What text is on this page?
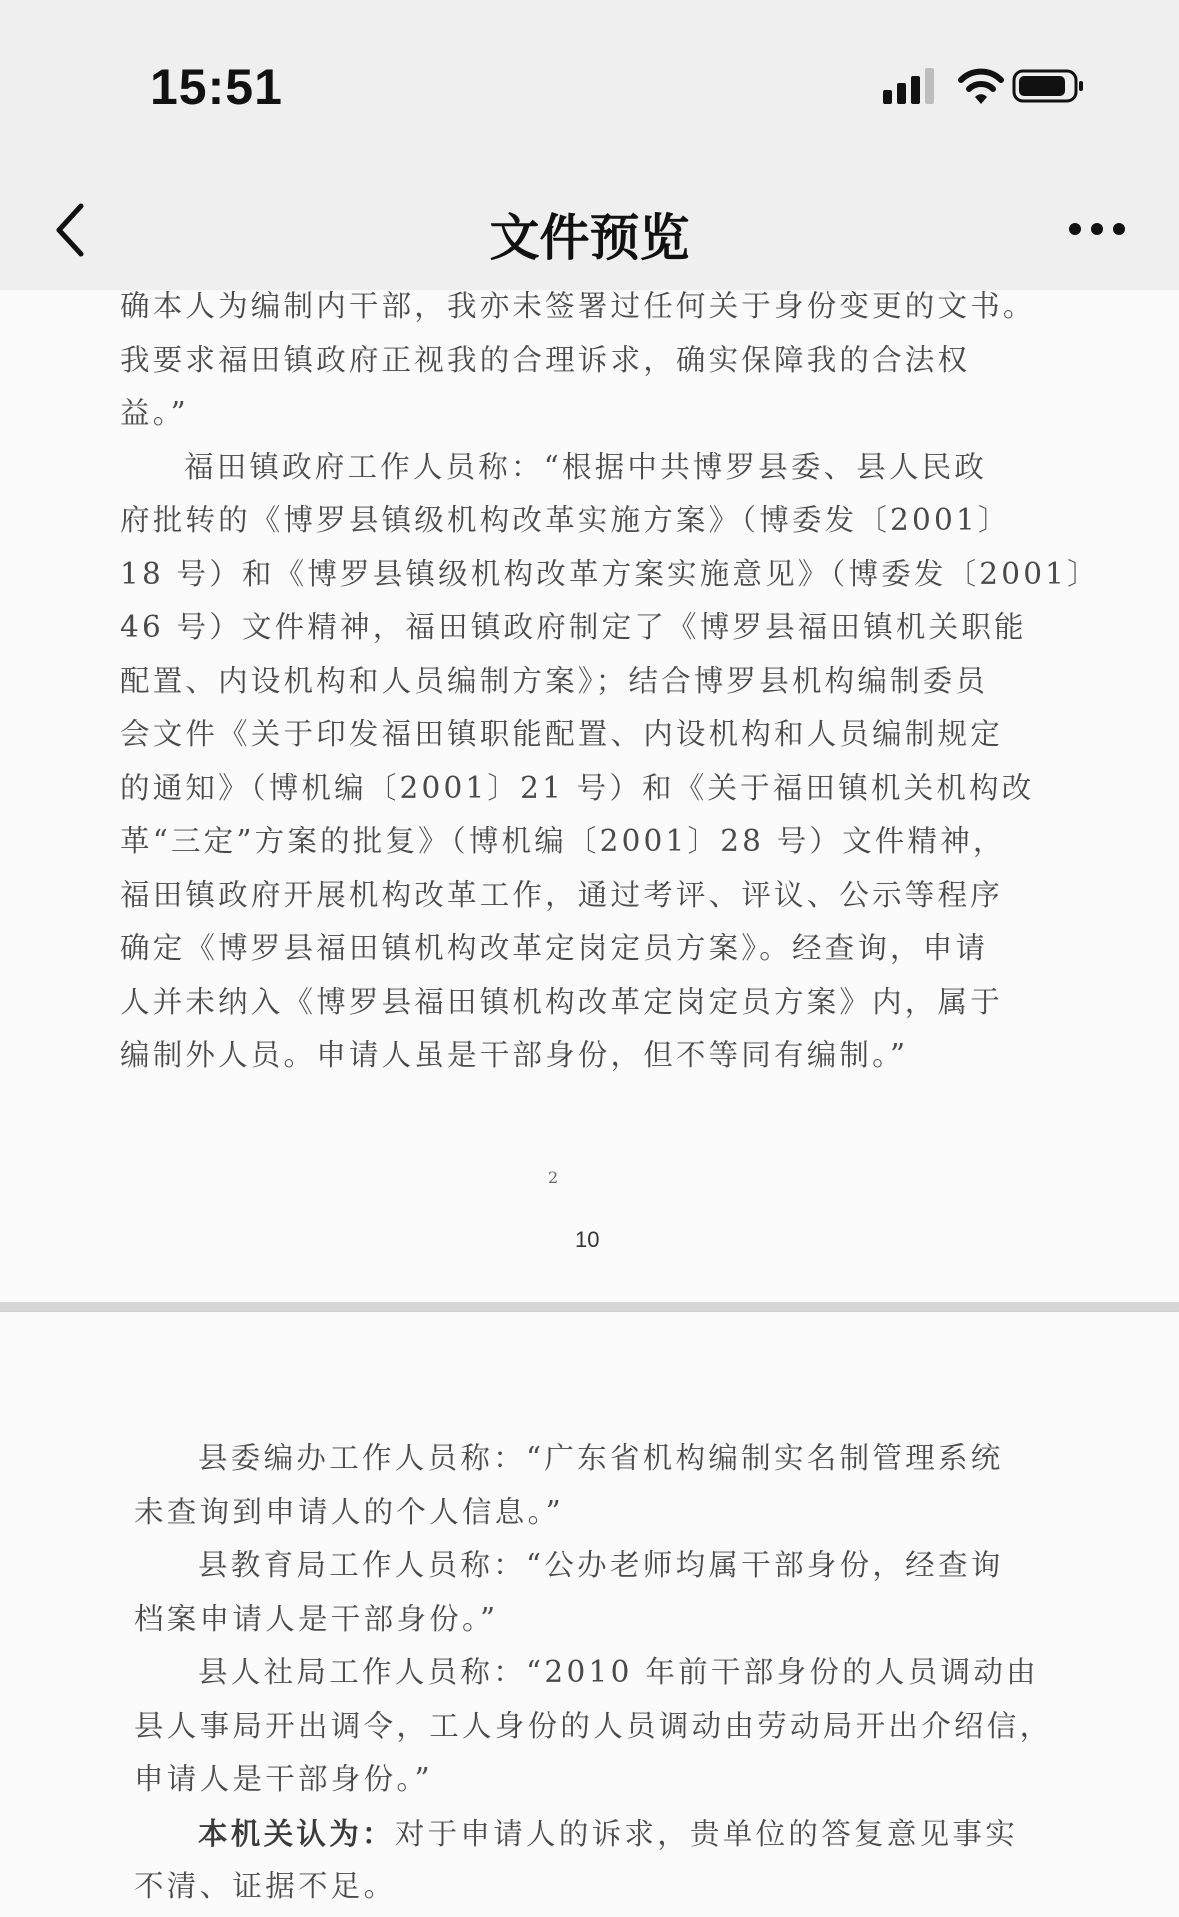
15:51
文件预览
确本人为编制内干部，我亦未签署过任何关于身份变更的文书。
我要求福田镇政府正视我的合理诉求，确实保障我的合法权
益。”
福田镇政府工作人员称：“根据中共博罗县委、县人民政
府批转的《博罗县镇级机构改革实施方案》（博委发〔2001〕
18 号）和《博罗县镇级机构改革方案实施意见》（博委发〔2001〕
46 号）文件精神，福田镇政府制定了《博罗县福田镇机关职能
配置、内设机构和人员编制方案》；结合博罗县机构编制委员
会文件《关于印发福田镇职能配置、内设机构和人员编制规定
的通知》（博机编〔2001〕21 号）和《关于福田镇机关机构改
革“三定”方案的批复》（博机编〔2001〕28 号）文件精神，
福田镇政府开展机构改革工作，通过考评、评议、公示等程序
确定《博罗县福田镇机构改革定岗定员方案》。经查询，申请
人并未纳入《博罗县福田镇机构改革定岗定员方案》内，属于
编制外人员。申请人虽是干部身份，但不等同有编制。”
2
10
县委编办工作人员称：“广东省机构编制实名制管理系统
未查询到申请人的个人信息。”
县教育局工作人员称：“公办老师均属干部身份，经查询
档案申请人是干部身份。”
县人社局工作人员称：“2010 年前干部身份的人员调动由
县人事局开出调令，工人身份的人员调动由劳动局开出介绍信，
申请人是干部身份。”
本机关认为：对于申请人的诉求，贵单位的答复意见事实
不清、证据不足。
